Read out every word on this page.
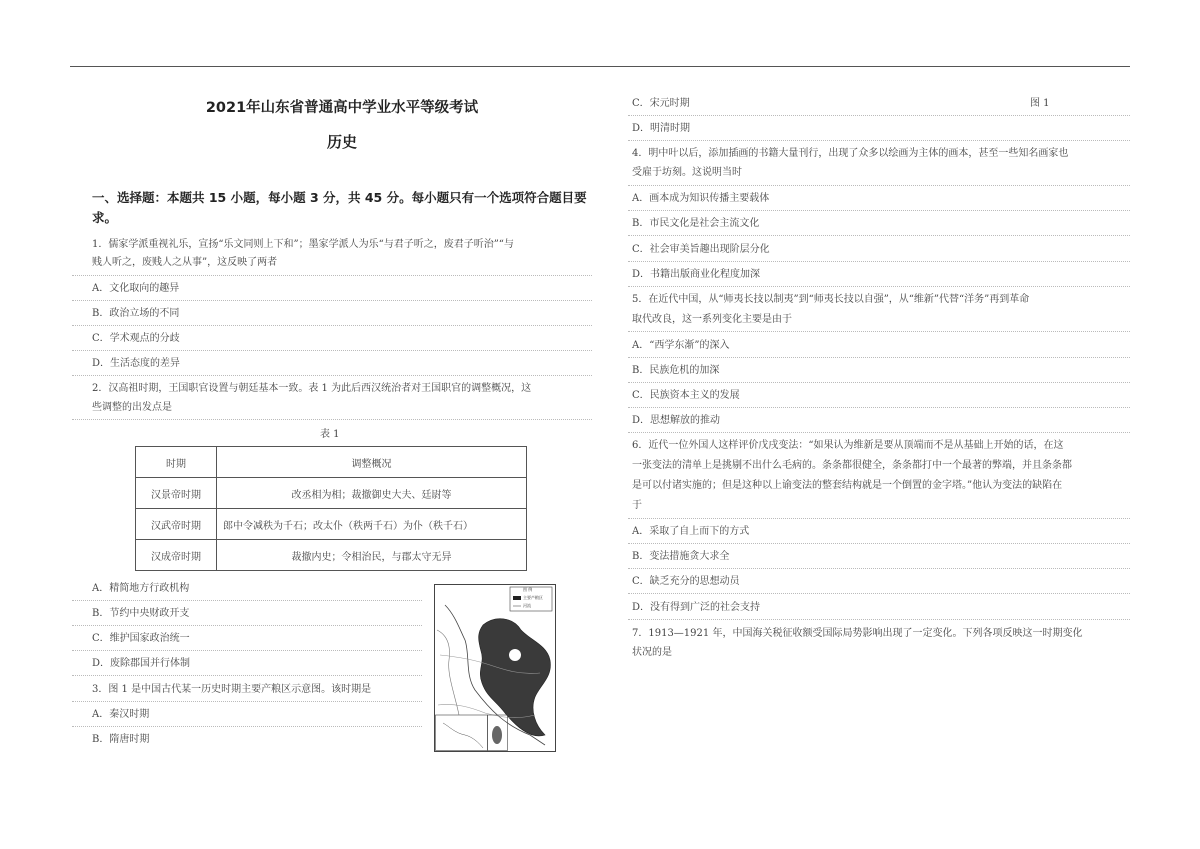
2021年山东省普通高中学业水平等级考试
历史
一、选择题：本题共 15 小题，每小题 3 分，共 45 分。每小题只有一个选项符合题目要
求。
1．儒家学派重视礼乐，宣扬“乐文同则上下和”；墨家学派人为乐“与君子听之，废君子听治”“与
贱人听之，废贱人之从事”，这反映了两者
A．文化取向的趣异
B．政治立场的不同
C．学术观点的分歧
D．生活态度的差异
2．汉高祖时期，王国职官设置与朝廷基本一致。表 1 为此后西汉统治者对王国职官的调整概况，这
些调整的出发点是
表 1
时期	调整概况
汉景帝时期	改丞相为相；裁撤御史大夫、廷尉等
汉武帝时期	郎中令减秩为千石；改太仆（秩两千石）为仆（秩千石）
汉成帝时期	裁撤内史；令相治民，与郡太守无异
A．精简地方行政机构
B．节约中央财政开支
C．维护国家政治统一
D．废除郡国并行体制
3．图 1 是中国古代某一历史时期主要产粮区示意图。该时期是
A．秦汉时期
B．隋唐时期
图 例
主要产粮区
河流
C．宋元时期	图 1
D．明清时期
4．明中叶以后，添加插画的书籍大量刊行，出现了众多以绘画为主体的画本，甚至一些知名画家也
受雇于坊刻。这说明当时
A．画本成为知识传播主要载体
B．市民文化是社会主流文化
C．社会审美旨趣出现阶层分化
D．书籍出版商业化程度加深
5．在近代中国，从“师夷长技以制夷”到“师夷长技以自强”，从“维新”代替“洋务”再到革命
取代改良，这一系列变化主要是由于
A．“西学东渐”的深入
B．民族危机的加深
C．民族资本主义的发展
D．思想解放的推动
6．近代一位外国人这样评价戊戌变法：“如果认为维新是要从顶端而不是从基础上开始的话，在这
一张变法的清单上是挑剔不出什么毛病的。条条都很健全，条条都打中一个最著的弊端，并且条条都
是可以付诸实施的；但是这种以上谕变法的整套结构就是一个倒置的金字塔。”他认为变法的缺陷在
于
A．采取了自上而下的方式
B．变法措施贪大求全
C．缺乏充分的思想动员
D．没有得到广泛的社会支持
7．1913—1921 年，中国海关税征收额受国际局势影响出现了一定变化。下列各项反映这一时期变化
状况的是
